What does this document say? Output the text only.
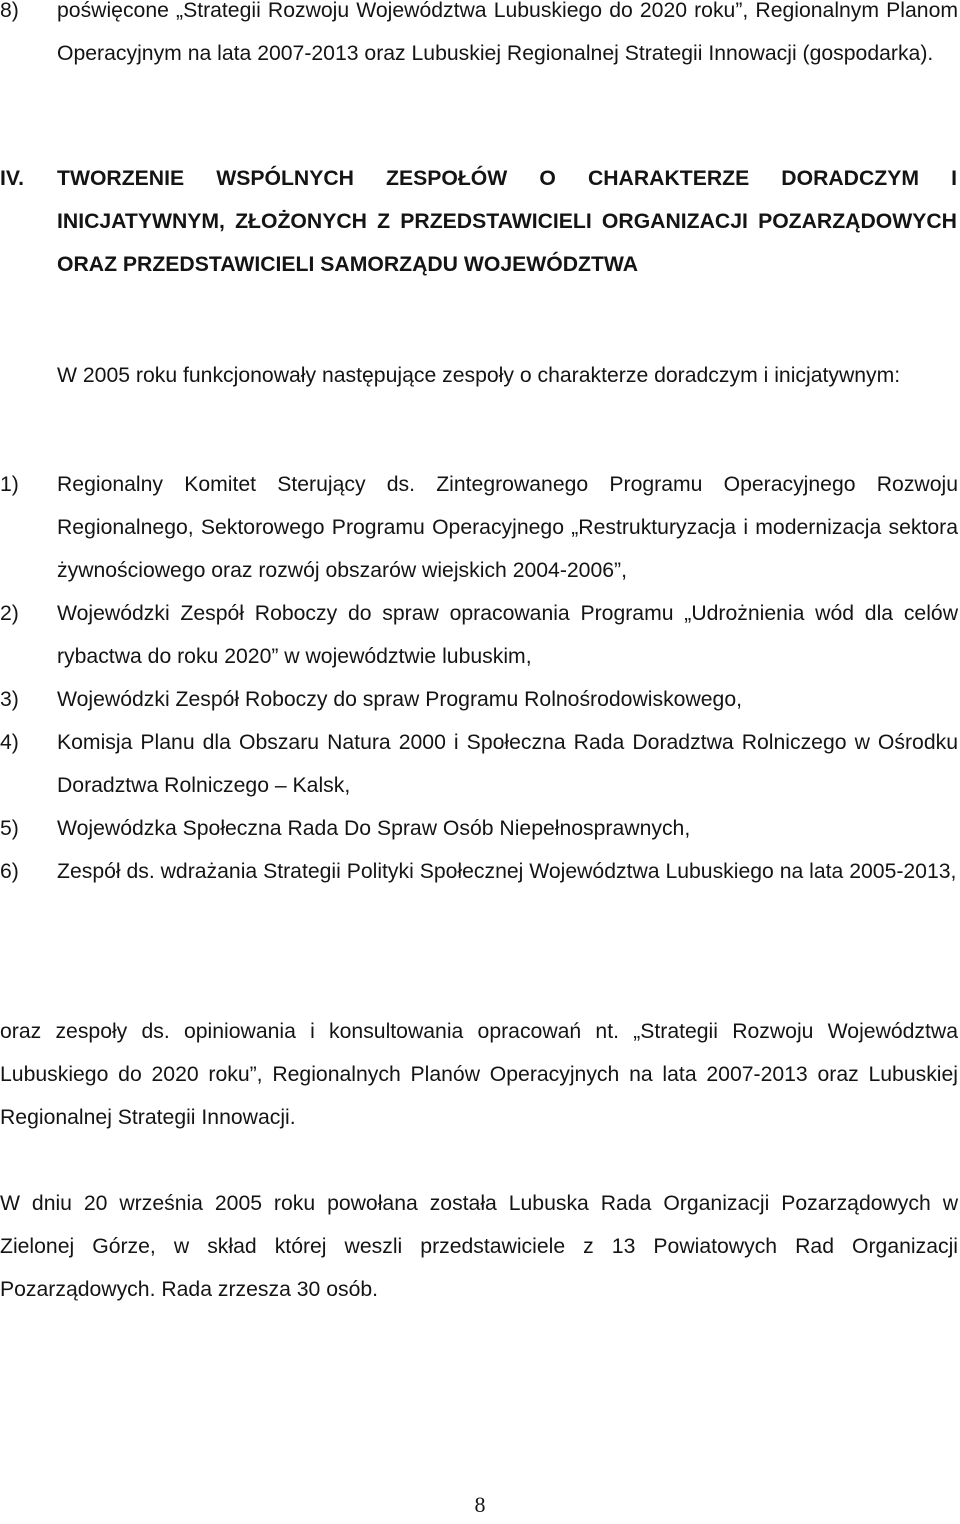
8) poświęcone „Strategii Rozwoju Województwa Lubuskiego do 2020 roku”, Regionalnym Planom Operacyjnym na lata 2007-2013 oraz Lubuskiej Regionalnej Strategii Innowacji (gospodarka).
IV. TWORZENIE WSPÓLNYCH ZESPOŁÓW O CHARAKTERZE DORADCZYM I INICJATYWNYM, ZŁOŻONYCH Z PRZEDSTAWICIELI ORGANIZACJI POZARZĄDOWYCH ORAZ PRZEDSTAWICIELI SAMORZĄDU WOJEWÓDZTWA
W 2005 roku funkcjonowały następujące zespoły o charakterze doradczym i inicjatywnym:
1) Regionalny Komitet Sterujący ds. Zintegrowanego Programu Operacyjnego Rozwoju Regionalnego, Sektorowego Programu Operacyjnego „Restrukturyzacja i modernizacja sektora żywnościowego oraz rozwój obszarów wiejskich 2004-2006”,
2) Wojewódzki Zespół Roboczy do spraw opracowania Programu „Udrożnienia wód dla celów rybactwa do roku 2020” w województwie lubuskim,
3) Wojewódzki Zespół Roboczy do spraw Programu Rolnośrodowiskowego,
4) Komisja Planu dla Obszaru Natura 2000 i Społeczna Rada Doradztwa Rolniczego w Ośrodku Doradztwa Rolniczego – Kalsk,
5) Wojewódzka Społeczna Rada Do Spraw Osób Niepełnosprawnych,
6) Zespół ds. wdrażania Strategii Polityki Społecznej Województwa Lubuskiego na lata 2005-2013,
oraz zespoły ds. opiniowania i konsultowania opracowań nt. „Strategii Rozwoju Województwa Lubuskiego do 2020 roku”, Regionalnych Planów Operacyjnych na lata 2007-2013 oraz Lubuskiej Regionalnej Strategii Innowacji.
W dniu 20 września 2005 roku powołana została Lubuska Rada Organizacji Pozarządowych w Zielonej Górze, w skład której weszli przedstawiciele z 13 Powiatowych Rad Organizacji Pozarządowych. Rada zrzesza 30 osób.
8
